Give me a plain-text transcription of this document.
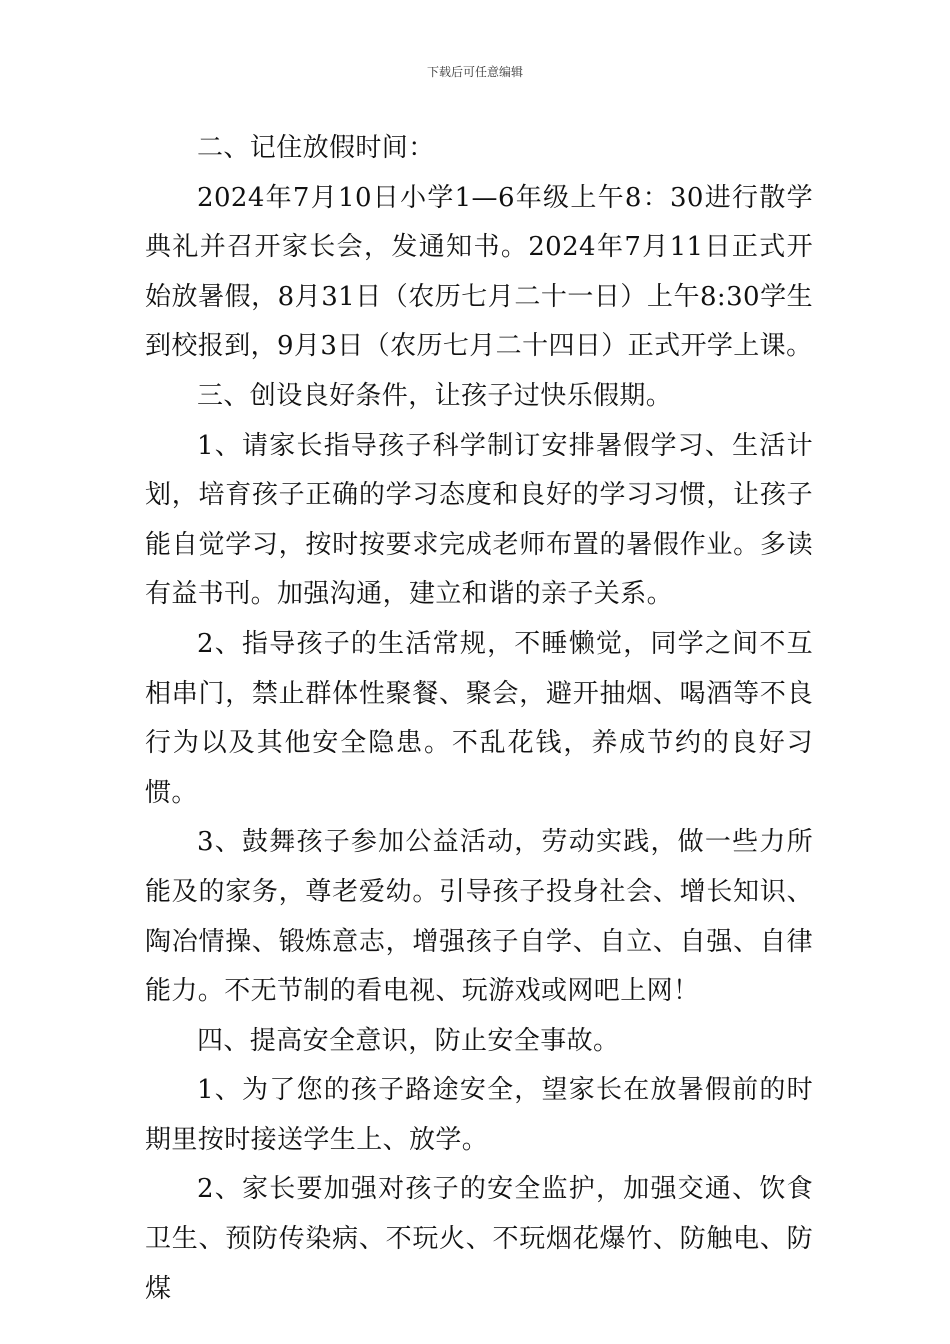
下载后可任意编辑

二、记住放假时间：

2024年7月10日小学1—6年级上午8：30进行散学典礼并召开家长会，发通知书。2024年7月11日正式开始放暑假，8月31日（农历七月二十一日）上午8:30学生到校报到，9月3日（农历七月二十四日）正式开学上课。

三、创设良好条件，让孩子过快乐假期。

1、请家长指导孩子科学制订安排暑假学习、生活计划，培育孩子正确的学习态度和良好的学习习惯，让孩子能自觉学习，按时按要求完成老师布置的暑假作业。多读有益书刊。加强沟通，建立和谐的亲子关系。

2、指导孩子的生活常规，不睡懒觉，同学之间不互相串门，禁止群体性聚餐、聚会，避开抽烟、喝酒等不良行为以及其他安全隐患。不乱花钱，养成节约的良好习惯。

3、鼓舞孩子参加公益活动，劳动实践，做一些力所能及的家务，尊老爱幼。引导孩子投身社会、增长知识、陶冶情操、锻炼意志，增强孩子自学、自立、自强、自律能力。不无节制的看电视、玩游戏或网吧上网！

四、提高安全意识，防止安全事故。

1、为了您的孩子路途安全，望家长在放暑假前的时期里按时接送学生上、放学。

2、家长要加强对孩子的安全监护，加强交通、饮食卫生、预防传染病、不玩火、不玩烟花爆竹、防触电、防煤
